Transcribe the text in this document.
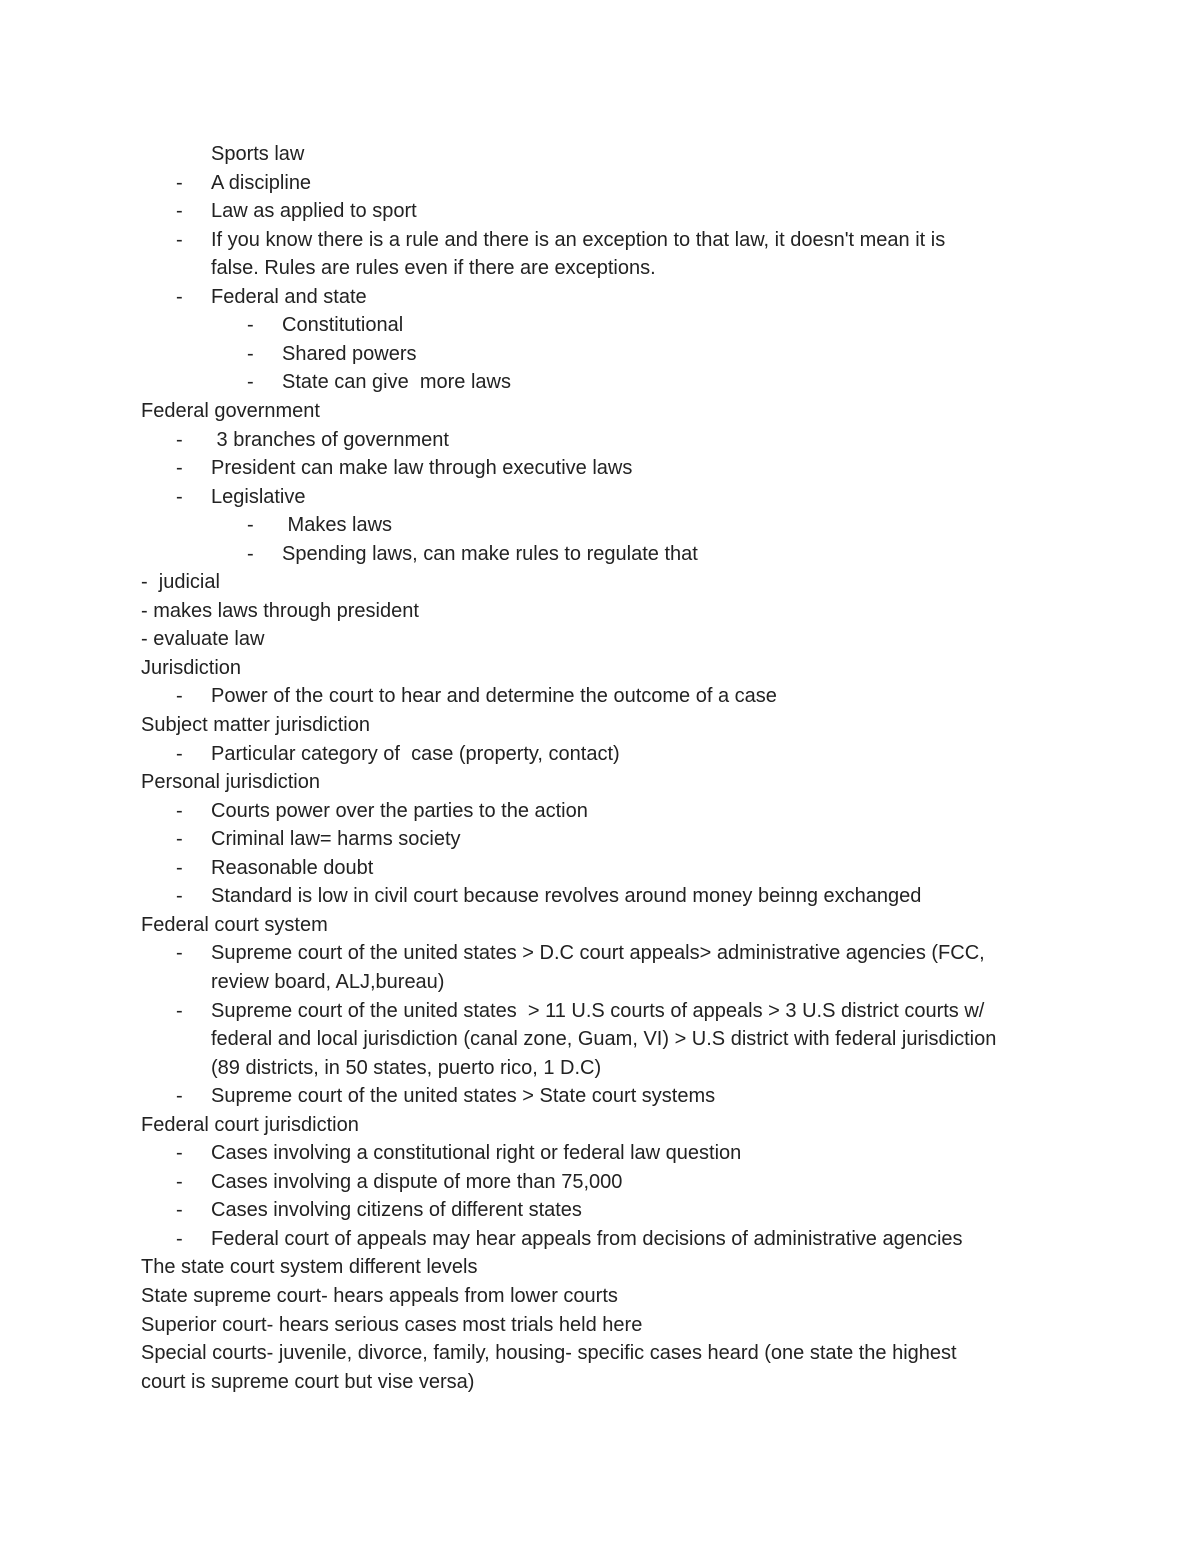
Sports law
- A discipline
- Law as applied to sport
- If you know there is a rule and there is an exception to that law, it doesn't mean it is
false. Rules are rules even if there are exceptions.
- Federal and state
- Constitutional
- Shared powers
- State can give  more laws
Federal government
- 3 branches of government
- President can make law through executive laws
- Legislative
- Makes laws
- Spending laws, can make rules to regulate that
-  judicial
- makes laws through president
- evaluate law
Jurisdiction
- Power of the court to hear and determine the outcome of a case
Subject matter jurisdiction
- Particular category of  case (property, contact)
Personal jurisdiction
- Courts power over the parties to the action
- Criminal law= harms society
- Reasonable doubt
- Standard is low in civil court because revolves around money beinng exchanged
Federal court system
- Supreme court of the united states > D.C court appeals> administrative agencies (FCC,
review board, ALJ,bureau)
- Supreme court of the united states  > 11 U.S courts of appeals > 3 U.S district courts w/
federal and local jurisdiction (canal zone, Guam, VI) > U.S district with federal jurisdiction
(89 districts, in 50 states, puerto rico, 1 D.C)
- Supreme court of the united states > State court systems
Federal court jurisdiction
- Cases involving a constitutional right or federal law question
- Cases involving a dispute of more than 75,000
- Cases involving citizens of different states
- Federal court of appeals may hear appeals from decisions of administrative agencies
The state court system different levels
State supreme court- hears appeals from lower courts
Superior court- hears serious cases most trials held here
Special courts- juvenile, divorce, family, housing- specific cases heard (one state the highest
court is supreme court but vise versa)
